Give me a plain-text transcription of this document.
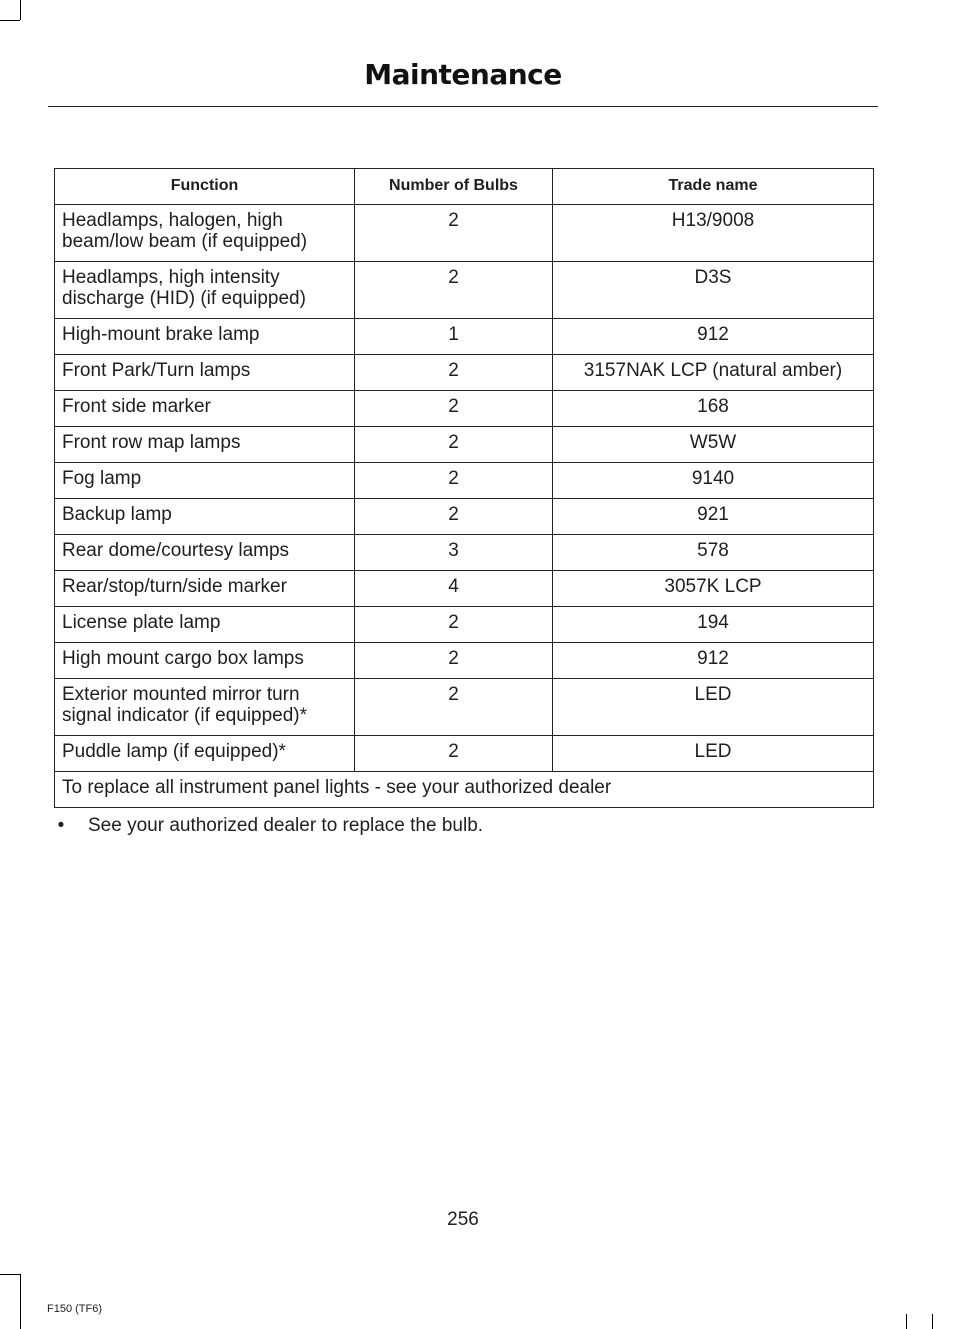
Maintenance
Function	Number of Bulbs	Trade name
Headlamps, halogen, high beam/low beam (if equipped)	2	H13/9008
Headlamps, high intensity discharge (HID) (if equipped)	2	D3S
High-mount brake lamp	1	912
Front Park/Turn lamps	2	3157NAK LCP (natural amber)
Front side marker	2	168
Front row map lamps	2	W5W
Fog lamp	2	9140
Backup lamp	2	921
Rear dome/courtesy lamps	3	578
Rear/stop/turn/side marker	4	3057K LCP
License plate lamp	2	194
High mount cargo box lamps	2	912
Exterior mounted mirror turn signal indicator (if equipped)*	2	LED
Puddle lamp (if equipped)*	2	LED
To replace all instrument panel lights - see your authorized dealer		
• See your authorized dealer to replace the bulb.
256
F150 (TF6)
